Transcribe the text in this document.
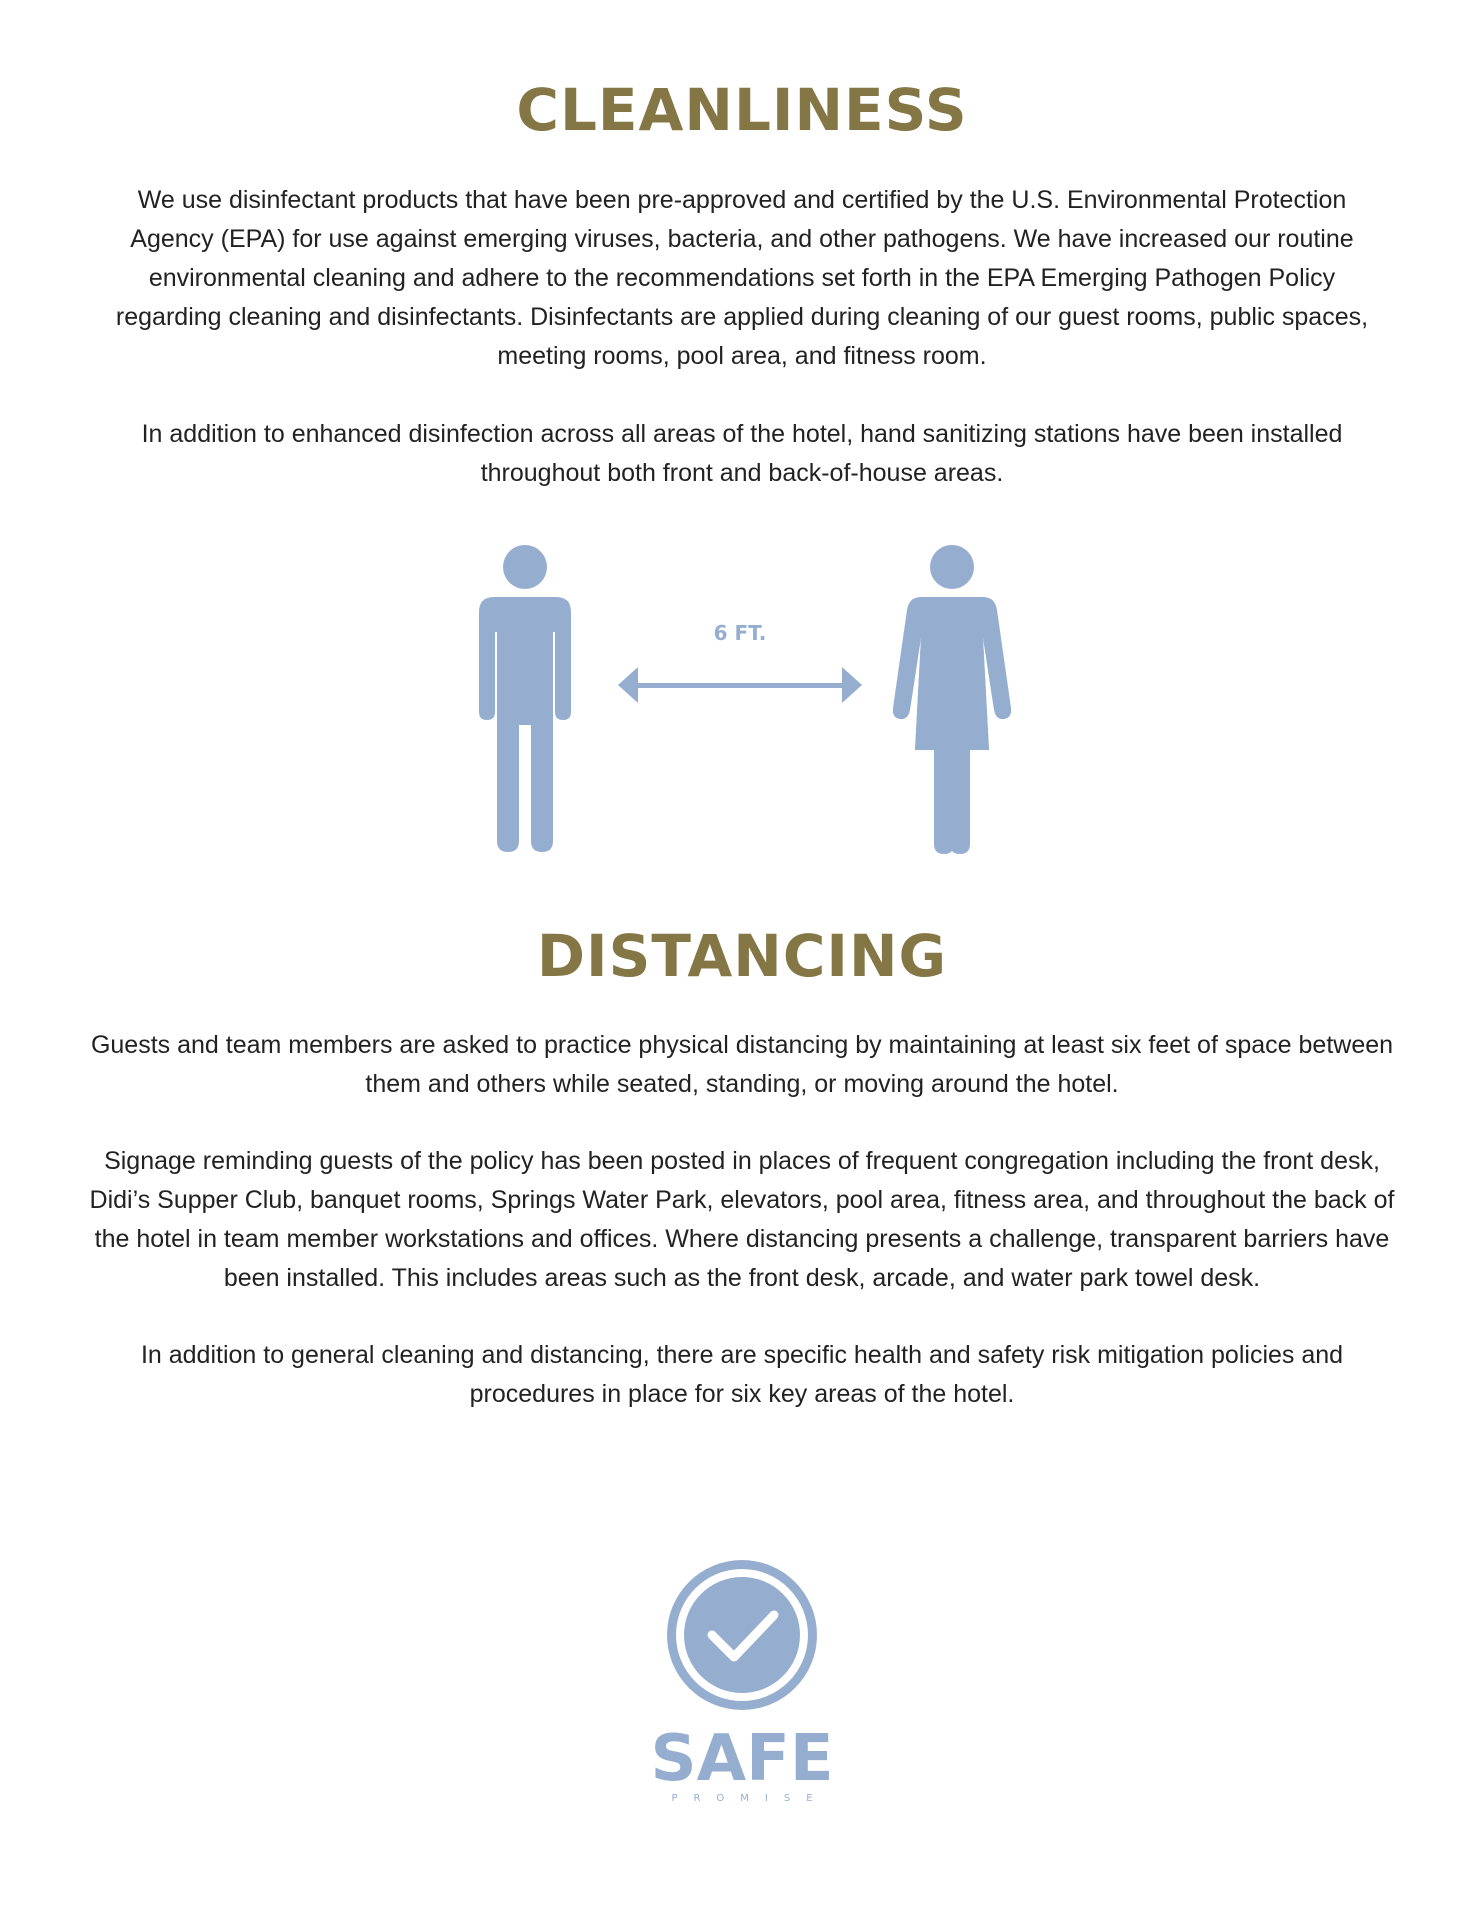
CLEANLINESS

We use disinfectant products that have been pre-approved and certified by the U.S. Environmental Protection Agency (EPA) for use against emerging viruses, bacteria, and other pathogens. We have increased our routine environmental cleaning and adhere to the recommendations set forth in the EPA Emerging Pathogen Policy regarding cleaning and disinfectants. Disinfectants are applied during cleaning of our guest rooms, public spaces, meeting rooms, pool area, and fitness room.

In addition to enhanced disinfection across all areas of the hotel, hand sanitizing stations have been installed throughout both front and back-of-house areas.

6 FT.
DISTANCING

Guests and team members are asked to practice physical distancing by maintaining at least six feet of space between them and others while seated, standing, or moving around the hotel.

Signage reminding guests of the policy has been posted in places of frequent congregation including the front desk, Didi’s Supper Club, banquet rooms, Springs Water Park, elevators, pool area, fitness area, and throughout the back of the hotel in team member workstations and offices. Where distancing presents a challenge, transparent barriers have been installed. This includes areas such as the front desk, arcade, and water park towel desk.

In addition to general cleaning and distancing, there are specific health and safety risk mitigation policies and procedures in place for six key areas of the hotel.

SAFE
PROMISE
